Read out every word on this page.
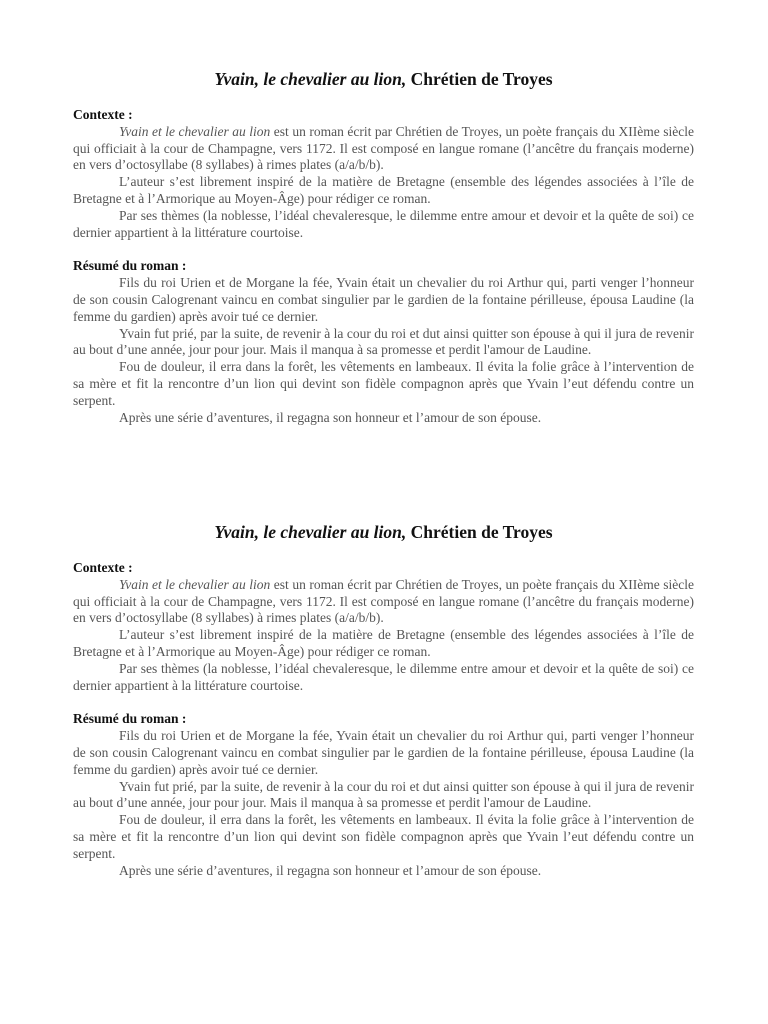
Yvain, le chevalier au lion, Chrétien de Troyes

Contexte :

Yvain et le chevalier au lion est un roman écrit par Chrétien de Troyes, un poète français du XIIème siècle qui officiait à la cour de Champagne, vers 1172. Il est composé en langue romane (l’ancêtre du français moderne) en vers d’octosyllabe (8 syllabes) à rimes plates (a/a/b/b).

L’auteur s’est librement inspiré de la matière de Bretagne (ensemble des légendes associées à l’île de Bretagne et à l’Armorique au Moyen-Âge) pour rédiger ce roman.

Par ses thèmes (la noblesse, l’idéal chevaleresque, le dilemme entre amour et devoir et la quête de soi) ce dernier appartient à la littérature courtoise.

Résumé du roman :

Fils du roi Urien et de Morgane la fée, Yvain était un chevalier du roi Arthur qui, parti venger l’honneur de son cousin Calogrenant vaincu en combat singulier par le gardien de la fontaine périlleuse, épousa Laudine (la femme du gardien) après avoir tué ce dernier.

Yvain fut prié, par la suite, de revenir à la cour du roi et dut ainsi quitter son épouse à qui il jura de revenir au bout d’une année, jour pour jour. Mais il manqua à sa promesse et perdit l'amour de Laudine.

Fou de douleur, il erra dans la forêt, les vêtements en lambeaux. Il évita la folie grâce à l’intervention de sa mère et fit la rencontre d’un lion qui devint son fidèle compagnon après que Yvain l’eut défendu contre un serpent.

Après une série d’aventures, il regagna son honneur et l’amour de son épouse.

Yvain, le chevalier au lion, Chrétien de Troyes

Contexte :

Yvain et le chevalier au lion est un roman écrit par Chrétien de Troyes, un poète français du XIIème siècle qui officiait à la cour de Champagne, vers 1172. Il est composé en langue romane (l’ancêtre du français moderne) en vers d’octosyllabe (8 syllabes) à rimes plates (a/a/b/b).

L’auteur s’est librement inspiré de la matière de Bretagne (ensemble des légendes associées à l’île de Bretagne et à l’Armorique au Moyen-Âge) pour rédiger ce roman.

Par ses thèmes (la noblesse, l’idéal chevaleresque, le dilemme entre amour et devoir et la quête de soi) ce dernier appartient à la littérature courtoise.

Résumé du roman :

Fils du roi Urien et de Morgane la fée, Yvain était un chevalier du roi Arthur qui, parti venger l’honneur de son cousin Calogrenant vaincu en combat singulier par le gardien de la fontaine périlleuse, épousa Laudine (la femme du gardien) après avoir tué ce dernier.

Yvain fut prié, par la suite, de revenir à la cour du roi et dut ainsi quitter son épouse à qui il jura de revenir au bout d’une année, jour pour jour. Mais il manqua à sa promesse et perdit l'amour de Laudine.

Fou de douleur, il erra dans la forêt, les vêtements en lambeaux. Il évita la folie grâce à l’intervention de sa mère et fit la rencontre d’un lion qui devint son fidèle compagnon après que Yvain l’eut défendu contre un serpent.

Après une série d’aventures, il regagna son honneur et l’amour de son épouse.
